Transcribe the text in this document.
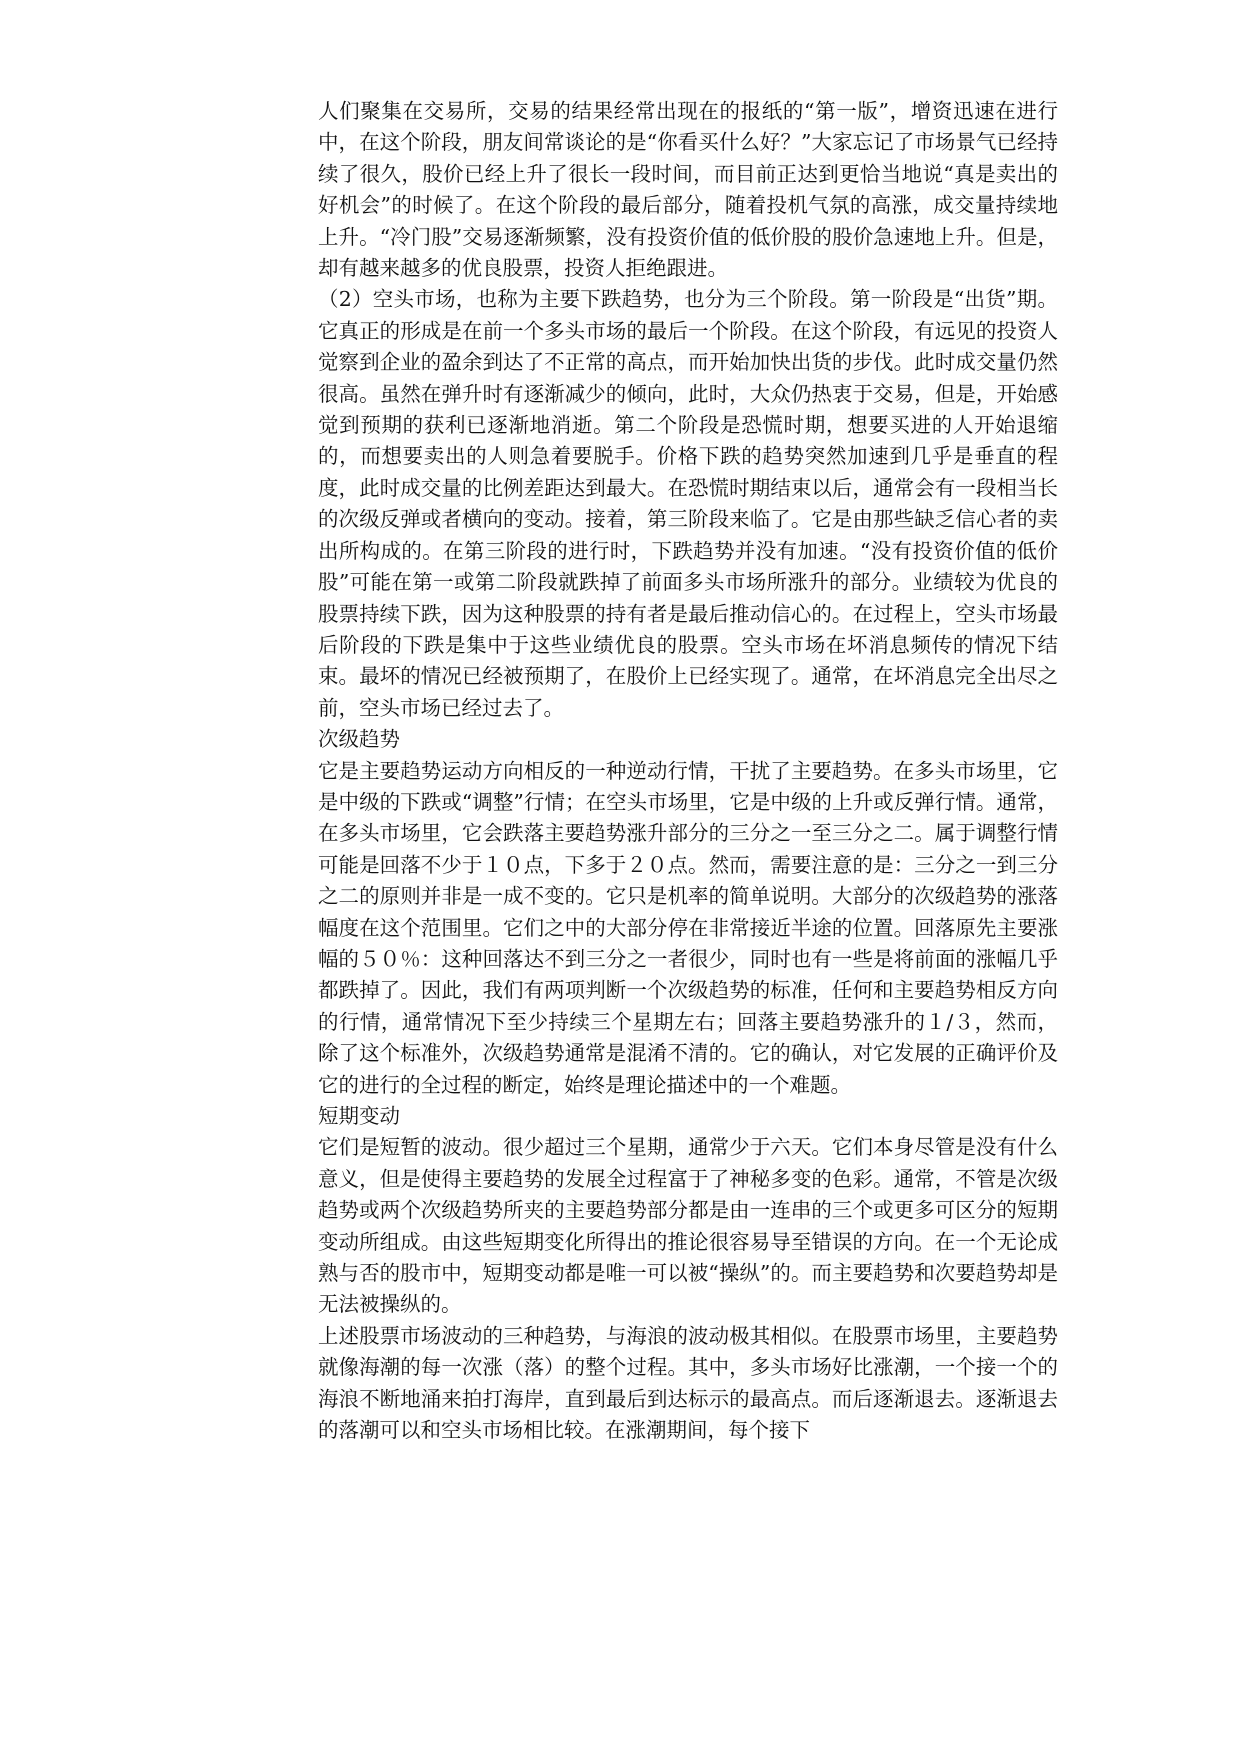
人们聚集在交易所，交易的结果经常出现在的报纸的“第一版”，增资迅速在进行中，在这个阶段，朋友间常谈论的是“你看买什么好？”大家忘记了市场景气已经持续了很久，股价已经上升了很长一段时间，而目前正达到更恰当地说“真是卖出的好机会”的时候了。在这个阶段的最后部分，随着投机气氛的高涨，成交量持续地上升。“冷门股”交易逐渐频繁，没有投资价值的低价股的股价急速地上升。但是，却有越来越多的优良股票，投资人拒绝跟进。

（2）空头市场，也称为主要下跌趋势，也分为三个阶段。第一阶段是“出货”期。它真正的形成是在前一个多头市场的最后一个阶段。在这个阶段，有远见的投资人觉察到企业的盈余到达了不正常的高点，而开始加快出货的步伐。此时成交量仍然很高。虽然在弹升时有逐渐减少的倾向，此时，大众仍热衷于交易，但是，开始感觉到预期的获利已逐渐地消逝。第二个阶段是恐慌时期，想要买进的人开始退缩的，而想要卖出的人则急着要脱手。价格下跌的趋势突然加速到几乎是垂直的程度，此时成交量的比例差距达到最大。在恐慌时期结束以后，通常会有一段相当长的次级反弹或者横向的变动。接着，第三阶段来临了。它是由那些缺乏信心者的卖出所构成的。在第三阶段的进行时，下跌趋势并没有加速。“没有投资价值的低价股”可能在第一或第二阶段就跌掉了前面多头市场所涨升的部分。业绩较为优良的股票持续下跌，因为这种股票的持有者是最后推动信心的。在过程上，空头市场最后阶段的下跌是集中于这些业绩优良的股票。空头市场在坏消息频传的情况下结束。最坏的情况已经被预期了，在股价上已经实现了。通常，在坏消息完全出尽之前，空头市场已经过去了。

次级趋势

它是主要趋势运动方向相反的一种逆动行情，干扰了主要趋势。在多头市场里，它是中级的下跌或“调整”行情；在空头市场里，它是中级的上升或反弹行情。通常，在多头市场里，它会跌落主要趋势涨升部分的三分之一至三分之二。属于调整行情可能是回落不少于１０点，下多于２０点。然而，需要注意的是：三分之一到三分之二的原则并非是一成不变的。它只是机率的简单说明。大部分的次级趋势的涨落幅度在这个范围里。它们之中的大部分停在非常接近半途的位置。回落原先主要涨幅的５０％：这种回落达不到三分之一者很少，同时也有一些是将前面的涨幅几乎都跌掉了。因此，我们有两项判断一个次级趋势的标准，任何和主要趋势相反方向的行情，通常情况下至少持续三个星期左右；回落主要趋势涨升的１/３，然而，除了这个标准外，次级趋势通常是混淆不清的。它的确认，对它发展的正确评价及它的进行的全过程的断定，始终是理论描述中的一个难题。

短期变动

它们是短暂的波动。很少超过三个星期，通常少于六天。它们本身尽管是没有什么意义，但是使得主要趋势的发展全过程富于了神秘多变的色彩。通常，不管是次级趋势或两个次级趋势所夹的主要趋势部分都是由一连串的三个或更多可区分的短期变动所组成。由这些短期变化所得出的推论很容易导至错误的方向。在一个无论成熟与否的股市中，短期变动都是唯一可以被“操纵”的。而主要趋势和次要趋势却是无法被操纵的。

上述股票市场波动的三种趋势，与海浪的波动极其相似。在股票市场里，主要趋势就像海潮的每一次涨（落）的整个过程。其中，多头市场好比涨潮，一个接一个的海浪不断地涌来拍打海岸，直到最后到达标示的最高点。而后逐渐退去。逐渐退去的落潮可以和空头市场相比较。在涨潮期间，每个接下
